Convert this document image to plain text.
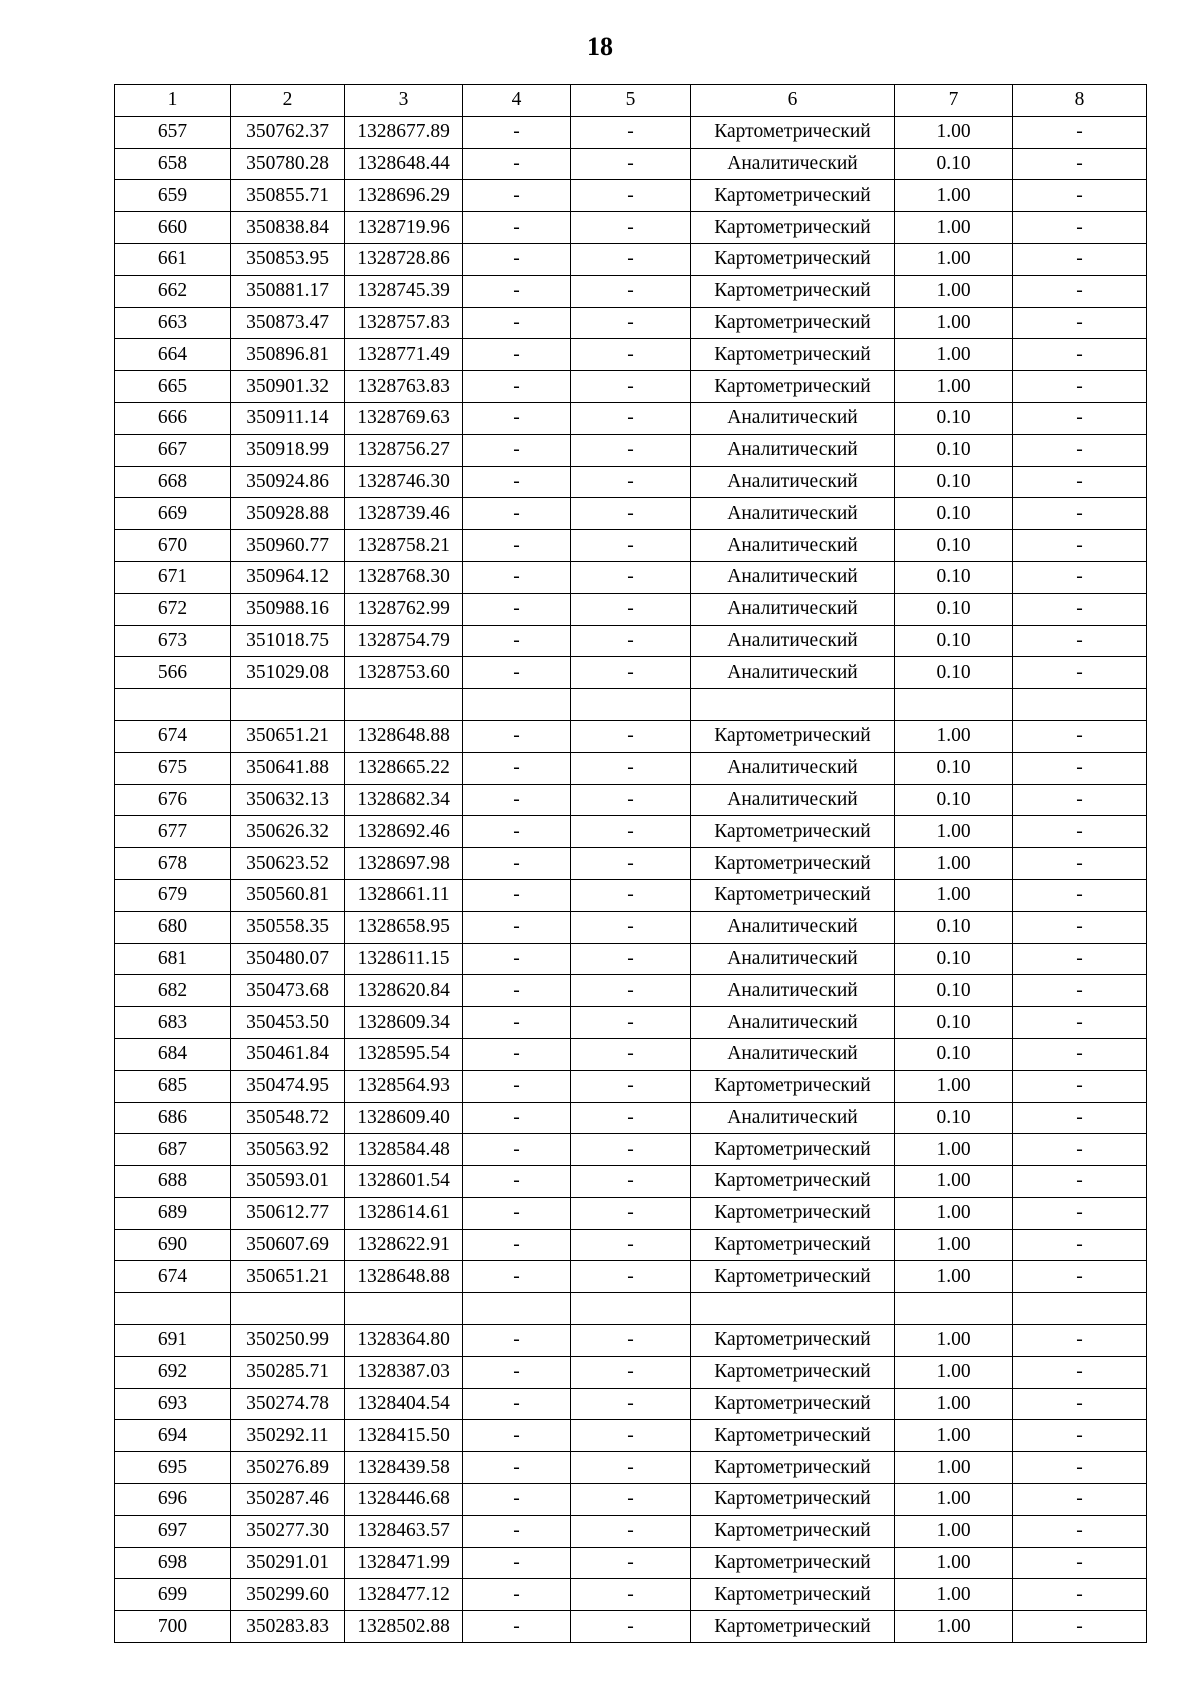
18
1	2	3	4	5	6	7	8
657	350762.37	1328677.89	-	-	Картометрический	1.00	-
658	350780.28	1328648.44	-	-	Аналитический	0.10	-
659	350855.71	1328696.29	-	-	Картометрический	1.00	-
660	350838.84	1328719.96	-	-	Картометрический	1.00	-
661	350853.95	1328728.86	-	-	Картометрический	1.00	-
662	350881.17	1328745.39	-	-	Картометрический	1.00	-
663	350873.47	1328757.83	-	-	Картометрический	1.00	-
664	350896.81	1328771.49	-	-	Картометрический	1.00	-
665	350901.32	1328763.83	-	-	Картометрический	1.00	-
666	350911.14	1328769.63	-	-	Аналитический	0.10	-
667	350918.99	1328756.27	-	-	Аналитический	0.10	-
668	350924.86	1328746.30	-	-	Аналитический	0.10	-
669	350928.88	1328739.46	-	-	Аналитический	0.10	-
670	350960.77	1328758.21	-	-	Аналитический	0.10	-
671	350964.12	1328768.30	-	-	Аналитический	0.10	-
672	350988.16	1328762.99	-	-	Аналитический	0.10	-
673	351018.75	1328754.79	-	-	Аналитический	0.10	-
566	351029.08	1328753.60	-	-	Аналитический	0.10	-

674	350651.21	1328648.88	-	-	Картометрический	1.00	-
675	350641.88	1328665.22	-	-	Аналитический	0.10	-
676	350632.13	1328682.34	-	-	Аналитический	0.10	-
677	350626.32	1328692.46	-	-	Картометрический	1.00	-
678	350623.52	1328697.98	-	-	Картометрический	1.00	-
679	350560.81	1328661.11	-	-	Картометрический	1.00	-
680	350558.35	1328658.95	-	-	Аналитический	0.10	-
681	350480.07	1328611.15	-	-	Аналитический	0.10	-
682	350473.68	1328620.84	-	-	Аналитический	0.10	-
683	350453.50	1328609.34	-	-	Аналитический	0.10	-
684	350461.84	1328595.54	-	-	Аналитический	0.10	-
685	350474.95	1328564.93	-	-	Картометрический	1.00	-
686	350548.72	1328609.40	-	-	Аналитический	0.10	-
687	350563.92	1328584.48	-	-	Картометрический	1.00	-
688	350593.01	1328601.54	-	-	Картометрический	1.00	-
689	350612.77	1328614.61	-	-	Картометрический	1.00	-
690	350607.69	1328622.91	-	-	Картометрический	1.00	-
674	350651.21	1328648.88	-	-	Картометрический	1.00	-

691	350250.99	1328364.80	-	-	Картометрический	1.00	-
692	350285.71	1328387.03	-	-	Картометрический	1.00	-
693	350274.78	1328404.54	-	-	Картометрический	1.00	-
694	350292.11	1328415.50	-	-	Картометрический	1.00	-
695	350276.89	1328439.58	-	-	Картометрический	1.00	-
696	350287.46	1328446.68	-	-	Картометрический	1.00	-
697	350277.30	1328463.57	-	-	Картометрический	1.00	-
698	350291.01	1328471.99	-	-	Картометрический	1.00	-
699	350299.60	1328477.12	-	-	Картометрический	1.00	-
700	350283.83	1328502.88	-	-	Картометрический	1.00	-
